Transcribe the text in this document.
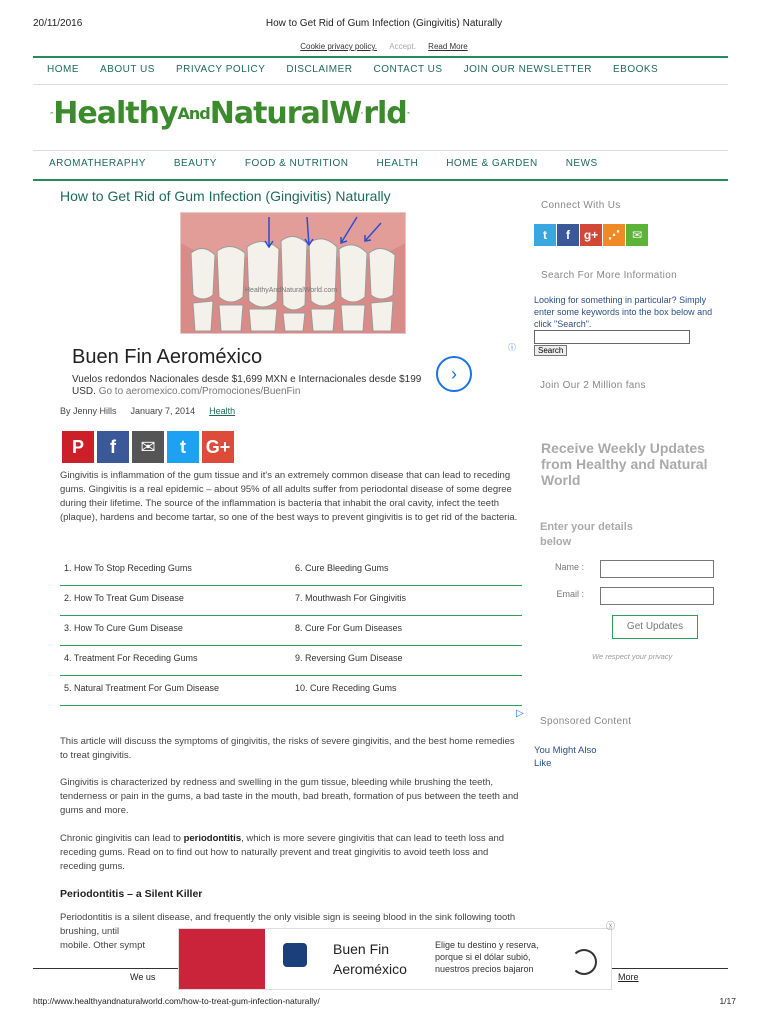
20/11/2016	How to Get Rid of Gum Infection (Gingivitis) Naturally
Cookie privacy policy. Accept. Read More
HOME	ABOUT US	PRIVACY POLICY	DISCLAIMER	CONTACT US	JOIN OUR NEWSLETTER	EBOOKS
Healthy And Natural W rld
AROMATHERAPHY	BEAUTY	FOOD & NUTRITION	HEALTH	HOME & GARDEN	NEWS
How to Get Rid of Gum Infection (Gingivitis) Naturally
HealthyAndNaturalWorld.com
Buen Fin Aeroméxico
Vuelos redondos Nacionales desde $1,699 MXN e Internacionales desde $199 USD. Go to aeromexico.com/Promociones/BuenFin
›
ⓘ
By Jenny Hills January 7, 2014 Health
P	f	✉	t	G+

Gingivitis is inflammation of the gum tissue and it's an extremely common disease that can lead to receding gums. Gingivitis is a real epidemic – about 95% of all adults suffer from periodontal disease of some degree during their lifetime. The source of the inflammation is bacteria that inhabit the oral cavity, infect the teeth (plaque), hardens and become tartar, so one of the best ways to prevent gingivitis is to get rid of the bacteria.

1. How To Stop Receding Gums	6. Cure Bleeding Gums
2. How To Treat Gum Disease	7. Mouthwash For Gingivitis
3. How To Cure Gum Disease	8. Cure For Gum Diseases
4. Treatment For Receding Gums	9. Reversing Gum Disease
5. Natural Treatment For Gum Disease	10. Cure Receding Gums
▷

This article will discuss the symptoms of gingivitis, the risks of severe gingivitis, and the best home remedies to treat gingivitis.

Gingivitis is characterized by redness and swelling in the gum tissue, bleeding while brushing the teeth, tenderness or pain in the gums, a bad taste in the mouth, bad breath, formation of pus between the teeth and gums and more.

Chronic gingivitis can lead to periodontitis, which is more severe gingivitis that can lead to teeth loss and receding gums. Read on to find out how to naturally prevent and treat gingivitis to avoid teeth loss and receding gums.

Periodontitis – a Silent Killer

Periodontitis is a silent disease, and frequently the only visible sign is seeing blood in the sink following tooth brushing, until
mobile. Other sympt

Connect With Us
t	f	g+ ⋰ ✉
Search For More Information
Looking for something in particular? Simply enter some keywords into the box below and click "Search".
Search
Join Our 2 Million fans
Receive Weekly Updates from Healthy and Natural World
Enter your details below
Name :
Email :
Get Updates
We respect your privacy
Sponsored Content
You Might Also Like
We us	More
Buen Fin Aeroméxico
Elige tu destino y reserva, porque si el dólar subió, nuestros precios bajaron
ⓧ
http://www.healthyandnaturalworld.com/how-to-treat-gum-infection-naturally/	1/17
